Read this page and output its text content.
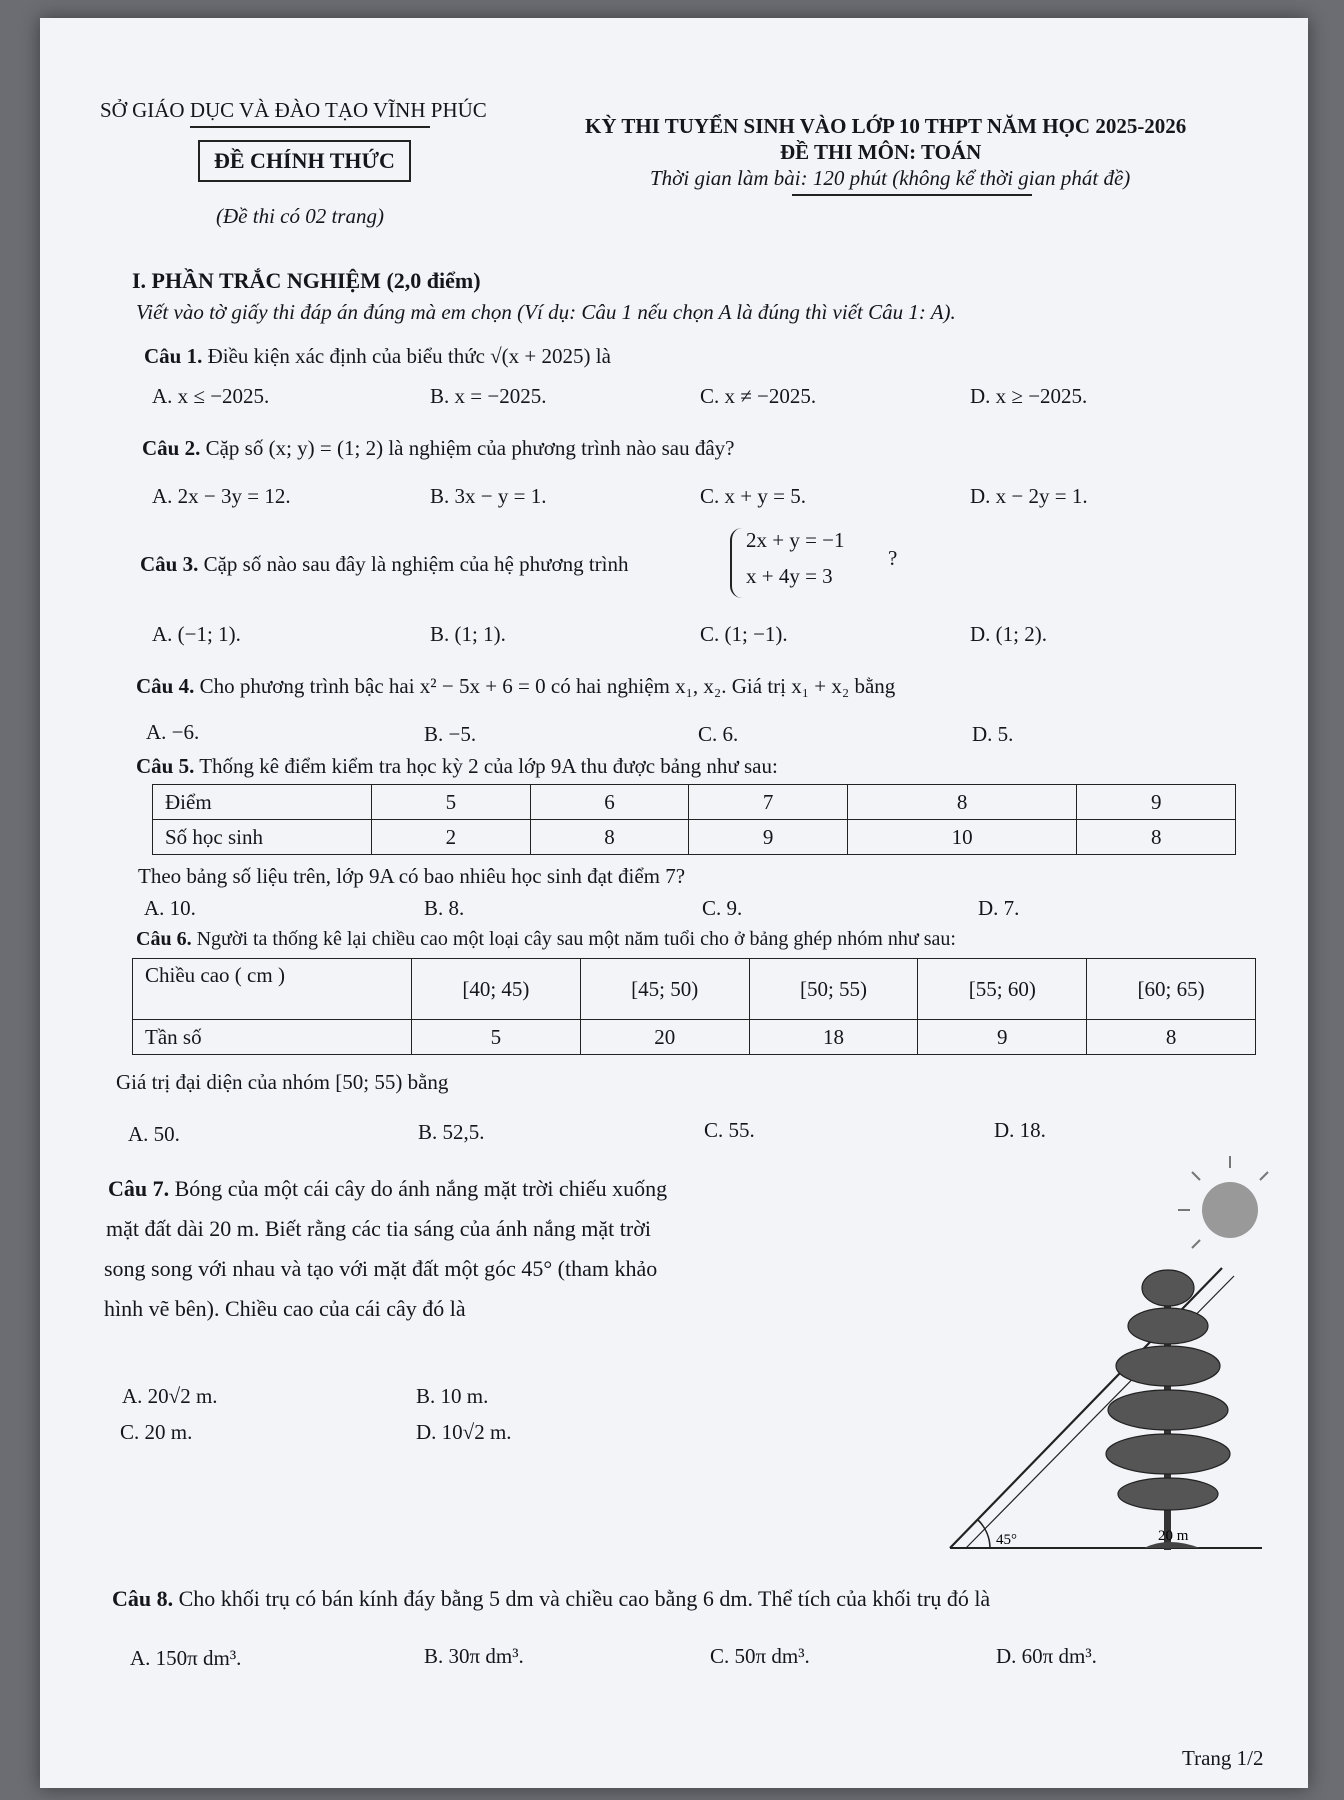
SỞ GIÁO DỤC VÀ ĐÀO TẠO VĨNH PHÚC
ĐỀ CHÍNH THỨC
(Đề thi có 02 trang)
KỲ THI TUYỂN SINH VÀO LỚP 10 THPT NĂM HỌC 2025-2026
ĐỀ THI MÔN: TOÁN
Thời gian làm bài: 120 phút (không kể thời gian phát đề)
I. PHẦN TRẮC NGHIỆM (2,0 điểm)
Viết vào tờ giấy thi đáp án đúng mà em chọn (Ví dụ: Câu 1 nếu chọn A là đúng thì viết Câu 1: A).
Câu 1. Điều kiện xác định của biểu thức √(x + 2025) là
A. x ≤ −2025.	B. x = −2025.	C. x ≠ −2025.	D. x ≥ −2025.
Câu 2. Cặp số (x; y) = (1; 2) là nghiệm của phương trình nào sau đây?
A. 2x − 3y = 12.	B. 3x − y = 1.	C. x + y = 5.	D. x − 2y = 1.
Câu 3. Cặp số nào sau đây là nghiệm của hệ phương trình
2x + y = −1
x + 4y = 3
?
A. (−1; 1).	B. (1; 1).	C. (1; −1).	D. (1; 2).
Câu 4. Cho phương trình bậc hai x² − 5x + 6 = 0 có hai nghiệm x₁, x₂. Giá trị x₁ + x₂ bằng
A. −6.	B. −5.	C. 6.	D. 5.
Câu 5. Thống kê điểm kiểm tra học kỳ 2 của lớp 9A thu được bảng như sau:
Điểm	5	6	7	8	9
Số học sinh	2	8	9	10	8
Theo bảng số liệu trên, lớp 9A có bao nhiêu học sinh đạt điểm 7?
A. 10.	B. 8.	C. 9.	D. 7.
Câu 6. Người ta thống kê lại chiều cao một loại cây sau một năm tuổi cho ở bảng ghép nhóm như sau:
Chiều cao ( cm )	[40; 45)	[45; 50)	[50; 55)	[55; 60)	[60; 65)
Tần số	5	20	18	9	8
Giá trị đại diện của nhóm [50; 55) bằng
A. 50.	B. 52,5.	C. 55.	D. 18.
Câu 7. Bóng của một cái cây do ánh nắng mặt trời chiếu xuống
mặt đất dài 20 m. Biết rằng các tia sáng của ánh nắng mặt trời
song song với nhau và tạo với mặt đất một góc 45° (tham khảo
hình vẽ bên). Chiều cao của cái cây đó là
A. 20√2 m.	B. 10 m.
C. 20 m.	D. 10√2 m.
45°	20 m
Câu 8. Cho khối trụ có bán kính đáy bằng 5 dm và chiều cao bằng 6 dm. Thể tích của khối trụ đó là
A. 150π dm³.	B. 30π dm³.	C. 50π dm³.	D. 60π dm³.
Trang 1/2
